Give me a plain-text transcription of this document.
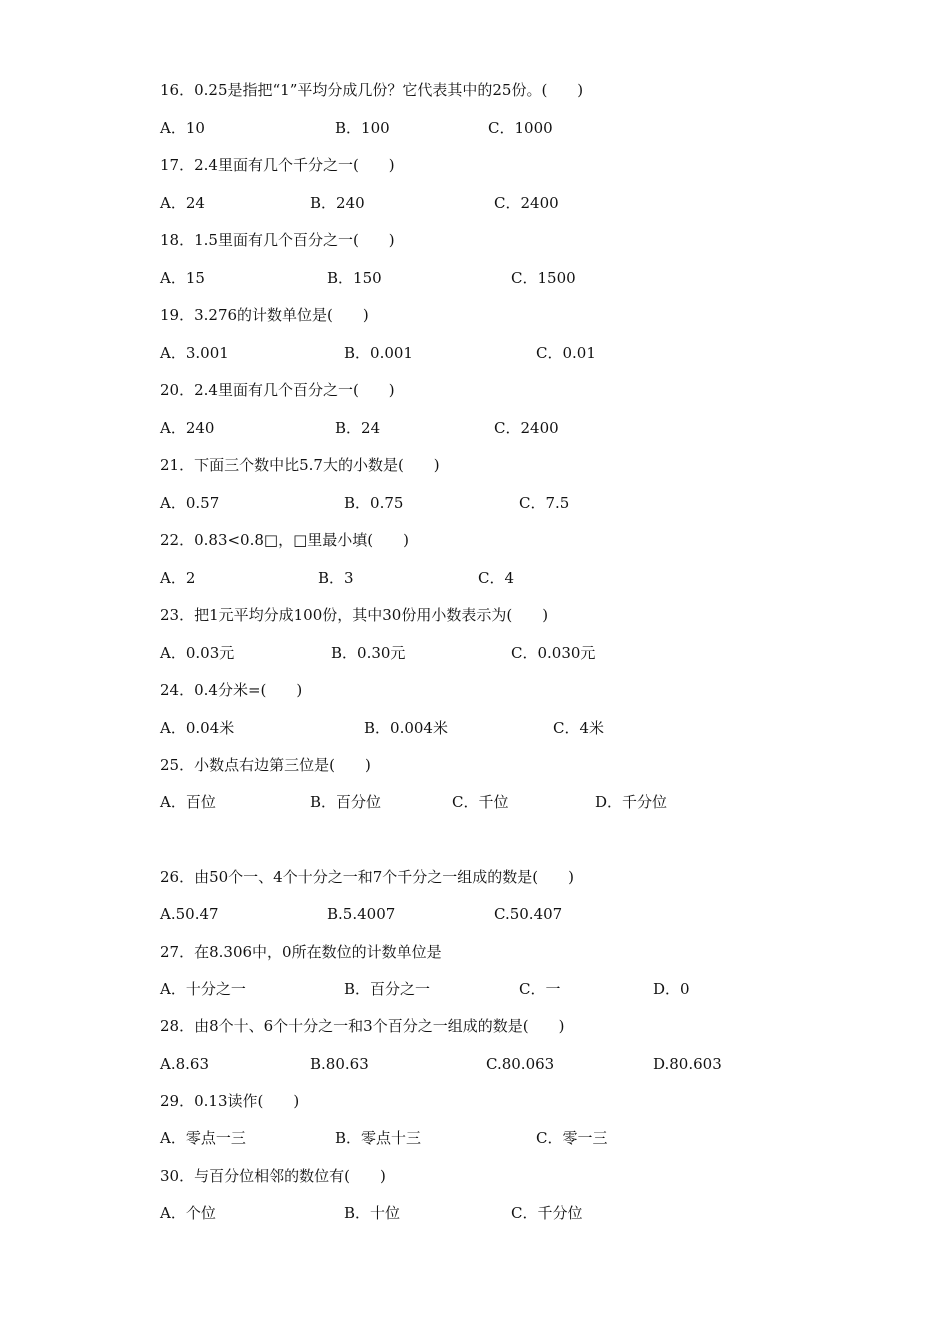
16．0.25是指把“1”平均分成几份？它代表其中的25份。(　　)
A．10	B．100	C．1000
17．2.4里面有几个千分之一(　　)
A．24	B．240	C．2400
18．1.5里面有几个百分之一(　　)
A．15	B．150	C．1500
19．3.276的计数单位是(　　)
A．3.001	B．0.001	C．0.01
20．2.4里面有几个百分之一(　　)
A．240	B．24	C．2400
21．下面三个数中比5.7大的小数是(　　)
A．0.57	B．0.75	C．7.5
22．0.83<0.8□，□里最小填(　　)
A．2	B．3	C．4
23．把1元平均分成100份，其中30份用小数表示为(　　)
A．0.03元	B．0.30元	C．0.030元
24．0.4分米=(　　)
A．0.04米	B．0.004米	C．4米
25．小数点右边第三位是(　　)
A．百位	B．百分位	C．千位	D．千分位
26．由50个一、4个十分之一和7个千分之一组成的数是(　　)
A.50.47	B.5.4007	C.50.407
27．在8.306中，0所在数位的计数单位是
A．十分之一	B．百分之一	C．一	D．0
28．由8个十、6个十分之一和3个百分之一组成的数是(　　)
A.8.63	B.80.63	C.80.063	D.80.603
29．0.13读作(　　)
A．零点一三	B．零点十三	C．零一三
30．与百分位相邻的数位有(　　)
A．个位	B．十位	C．千分位
